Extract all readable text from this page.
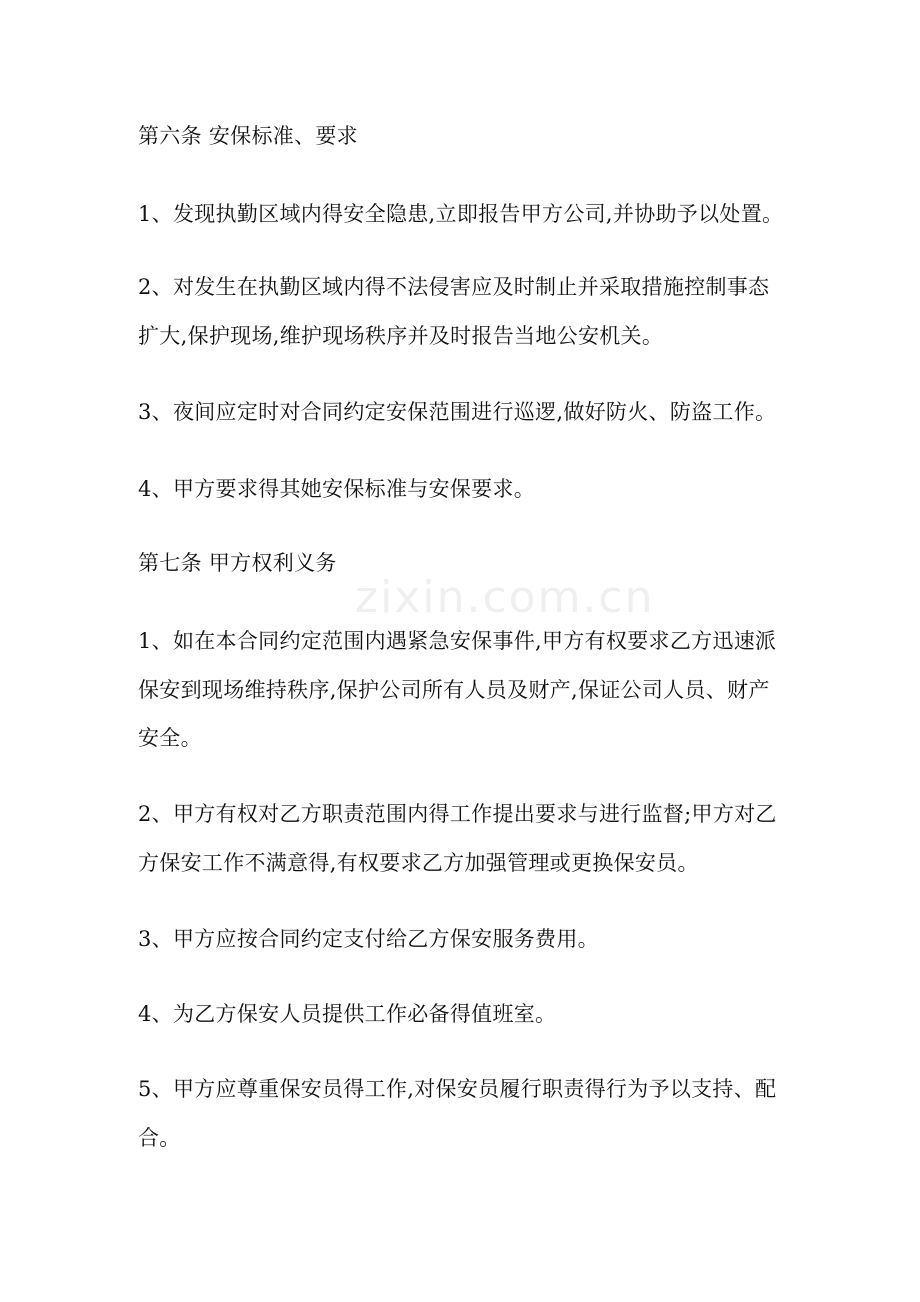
zixin.com.cn
第六条 安保标准、要求
1、发现执勤区域内得安全隐患,立即报告甲方公司,并协助予以处置。
2、对发生在执勤区域内得不法侵害应及时制止并采取措施控制事态
扩大,保护现场,维护现场秩序并及时报告当地公安机关。
3、夜间应定时对合同约定安保范围进行巡逻,做好防火、防盗工作。
4、甲方要求得其她安保标准与安保要求。
第七条 甲方权利义务
1、如在本合同约定范围内遇紧急安保事件,甲方有权要求乙方迅速派
保安到现场维持秩序,保护公司所有人员及财产,保证公司人员、财产
安全。
2、甲方有权对乙方职责范围内得工作提出要求与进行监督;甲方对乙
方保安工作不满意得,有权要求乙方加强管理或更换保安员。
3、甲方应按合同约定支付给乙方保安服务费用。
4、为乙方保安人员提供工作必备得值班室。
5、甲方应尊重保安员得工作,对保安员履行职责得行为予以支持、配
合。
